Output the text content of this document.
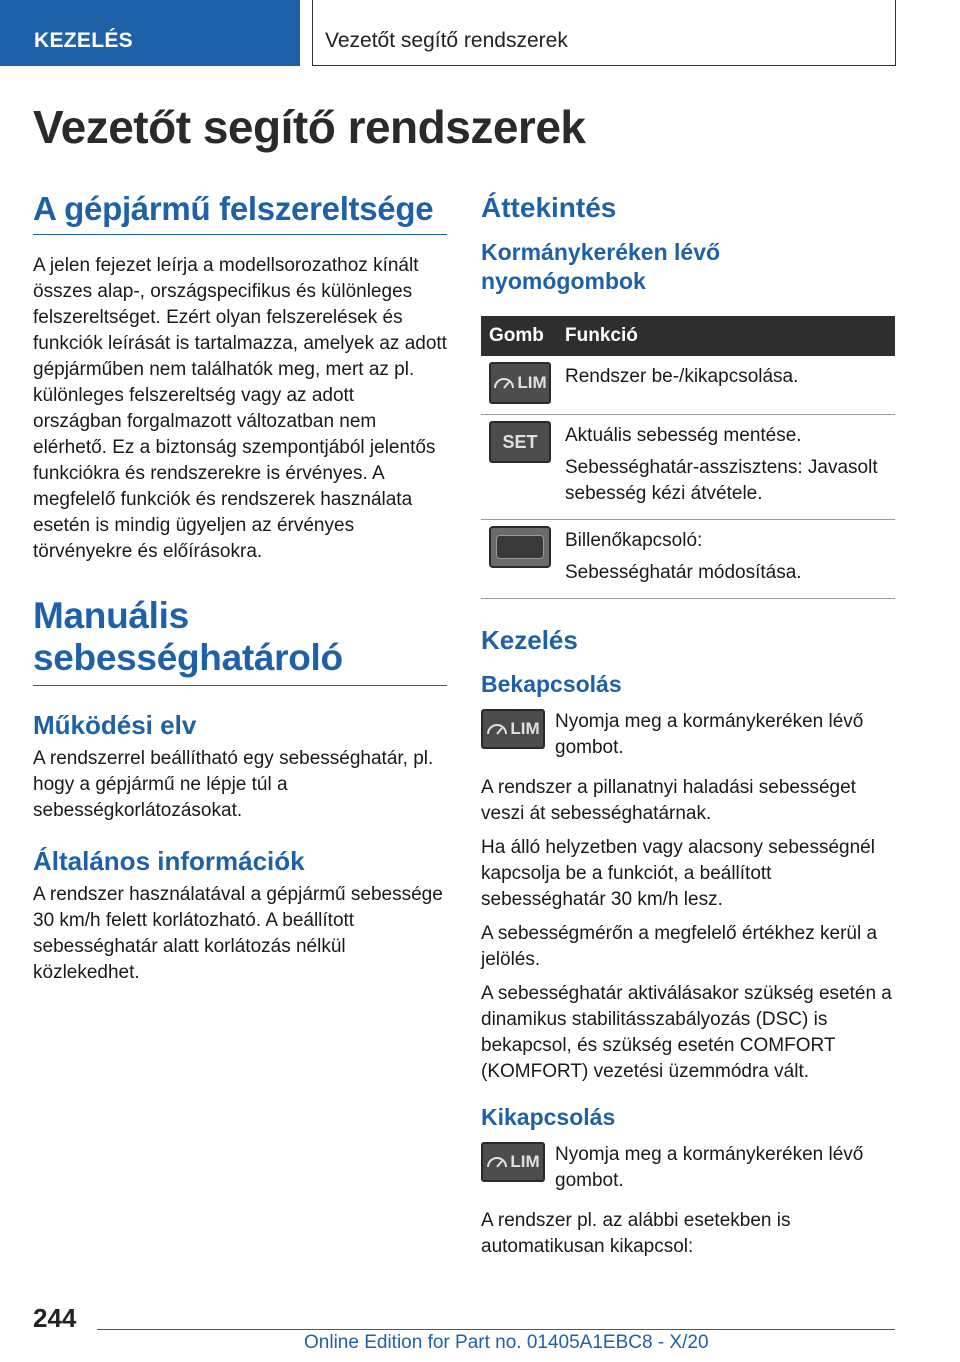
KEZELÉS	Vezetőt segítő rendszerek
Vezetőt segítő rendszerek
A gépjármű felszereltsége

A jelen fejezet leírja a modellsorozathoz kínált összes alap-, országspecifikus és különleges felszereltséget. Ezért olyan felszerelések és funkciók leírását is tartalmazza, amelyek az adott gépjárműben nem találhatók meg, mert az pl. különleges felszereltség vagy az adott országban forgalmazott változatban nem elérhető. Ez a biztonság szempontjából jelentős funkciókra és rendszerekre is érvényes. A megfelelő funkciók és rendszerek használata esetén is mindig ügyeljen az érvényes törvényekre és előírásokra.

Manuális sebességhatároló
Működési elv

A rendszerrel beállítható egy sebességhatár, pl. hogy a gépjármű ne lépje túl a sebességkorlátozásokat.

Általános információk

A rendszer használatával a gépjármű sebessége 30 km/h felett korlátozható. A beállított sebességhatár alatt korlátozás nélkül közlekedhet.

Áttekintés
Kormánykeréken lévő nyomógombok
Gomb	Funkció

LIM	Rendszer be-/kikapcsolása.

SET	Aktuális sebesség mentése.
Sebességhatár-asszisztens: Javasolt sebesség kézi átvétele.

	Billenőkapcsoló:
Sebességhatár módosítása.
Kezelés
Bekapcsolás
LIM Nyomja meg a kormánykeréken lévő gombot.

A rendszer a pillanatnyi haladási sebességet veszi át sebességhatárnak.

Ha álló helyzetben vagy alacsony sebességnél kapcsolja be a funkciót, a beállított sebességhatár 30 km/h lesz.

A sebességmérőn a megfelelő értékhez kerül a jelölés.

A sebességhatár aktiválásakor szükség esetén a dinamikus stabilitásszabályozás (DSC) is bekapcsol, és szükség esetén COMFORT (KOMFORT) vezetési üzemmódra vált.

Kikapcsolás
LIM Nyomja meg a kormánykeréken lévő gombot.

A rendszer pl. az alábbi esetekben is automatikusan kikapcsol:

244
Online Edition for Part no. 01405A1EBC8 - X/20
